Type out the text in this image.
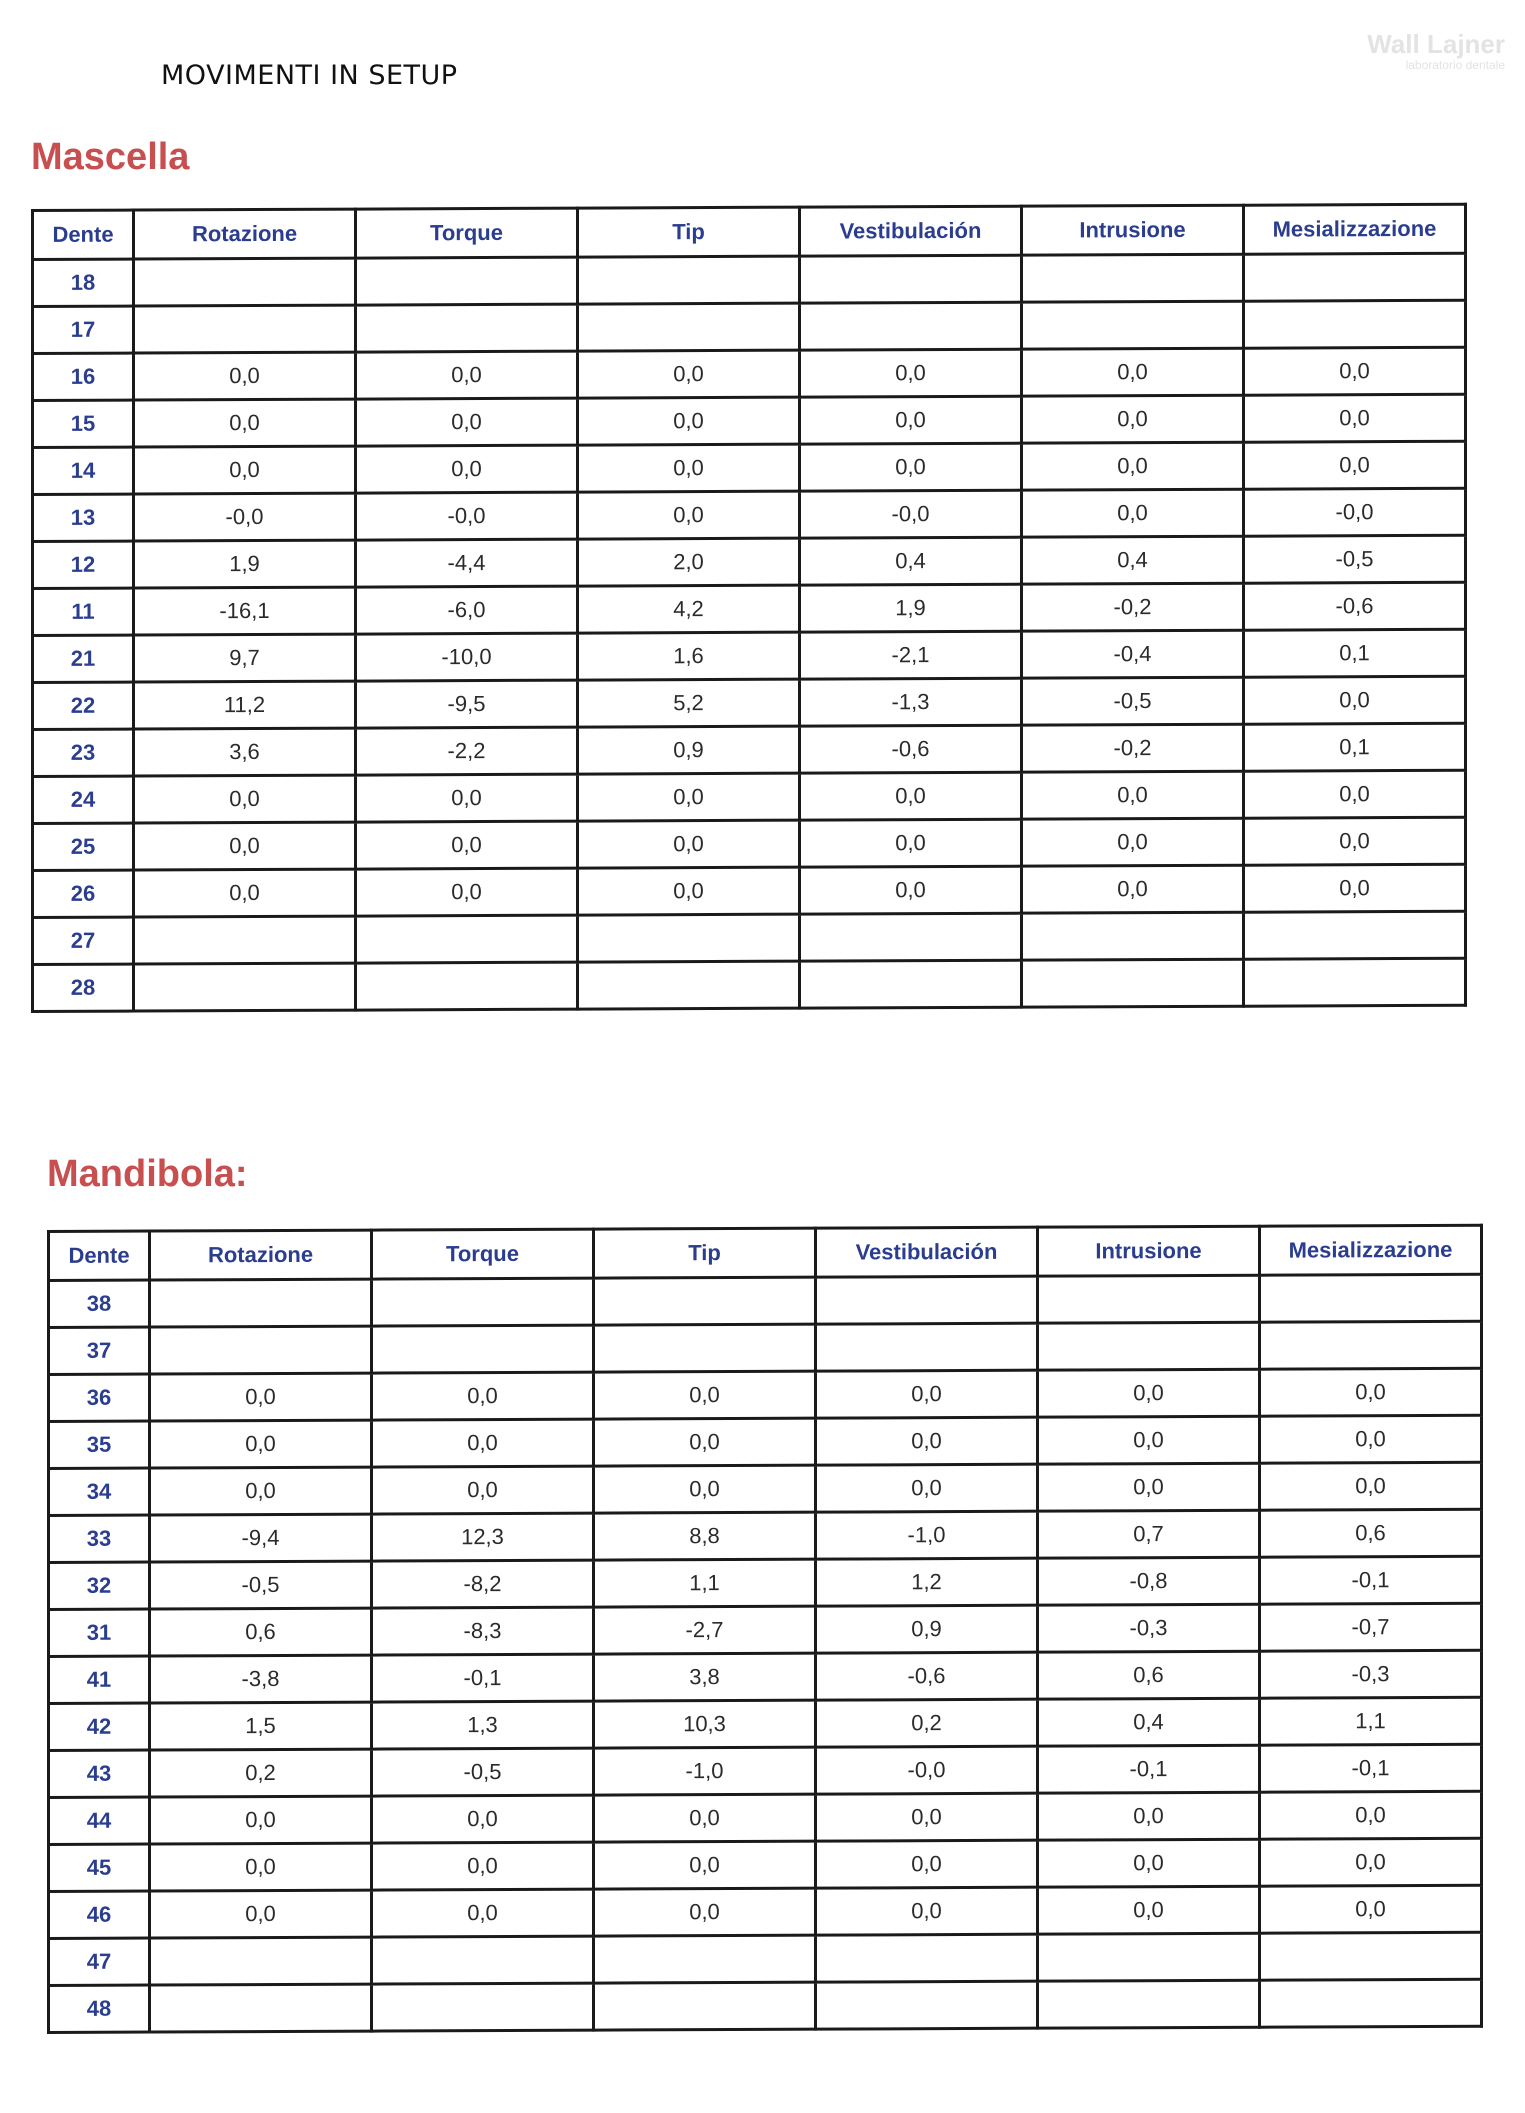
MOVIMENTI IN SETUP
Wall Lajner
laboratorio dentale
Mascella
Dente	Rotazione	Torque	Tip	Vestibulación	Intrusione	Mesializzazione
18						
17						
16	0,0	0,0	0,0	0,0	0,0	0,0
15	0,0	0,0	0,0	0,0	0,0	0,0
14	0,0	0,0	0,0	0,0	0,0	0,0
13	-0,0	-0,0	0,0	-0,0	0,0	-0,0
12	1,9	-4,4	2,0	0,4	0,4	-0,5
11	-16,1	-6,0	4,2	1,9	-0,2	-0,6
21	9,7	-10,0	1,6	-2,1	-0,4	0,1
22	11,2	-9,5	5,2	-1,3	-0,5	0,0
23	3,6	-2,2	0,9	-0,6	-0,2	0,1
24	0,0	0,0	0,0	0,0	0,0	0,0
25	0,0	0,0	0,0	0,0	0,0	0,0
26	0,0	0,0	0,0	0,0	0,0	0,0
27						
28						
Mandibola:
Dente	Rotazione	Torque	Tip	Vestibulación	Intrusione	Mesializzazione
38						
37						
36	0,0	0,0	0,0	0,0	0,0	0,0
35	0,0	0,0	0,0	0,0	0,0	0,0
34	0,0	0,0	0,0	0,0	0,0	0,0
33	-9,4	12,3	8,8	-1,0	0,7	0,6
32	-0,5	-8,2	1,1	1,2	-0,8	-0,1
31	0,6	-8,3	-2,7	0,9	-0,3	-0,7
41	-3,8	-0,1	3,8	-0,6	0,6	-0,3
42	1,5	1,3	10,3	0,2	0,4	1,1
43	0,2	-0,5	-1,0	-0,0	-0,1	-0,1
44	0,0	0,0	0,0	0,0	0,0	0,0
45	0,0	0,0	0,0	0,0	0,0	0,0
46	0,0	0,0	0,0	0,0	0,0	0,0
47						
48						
